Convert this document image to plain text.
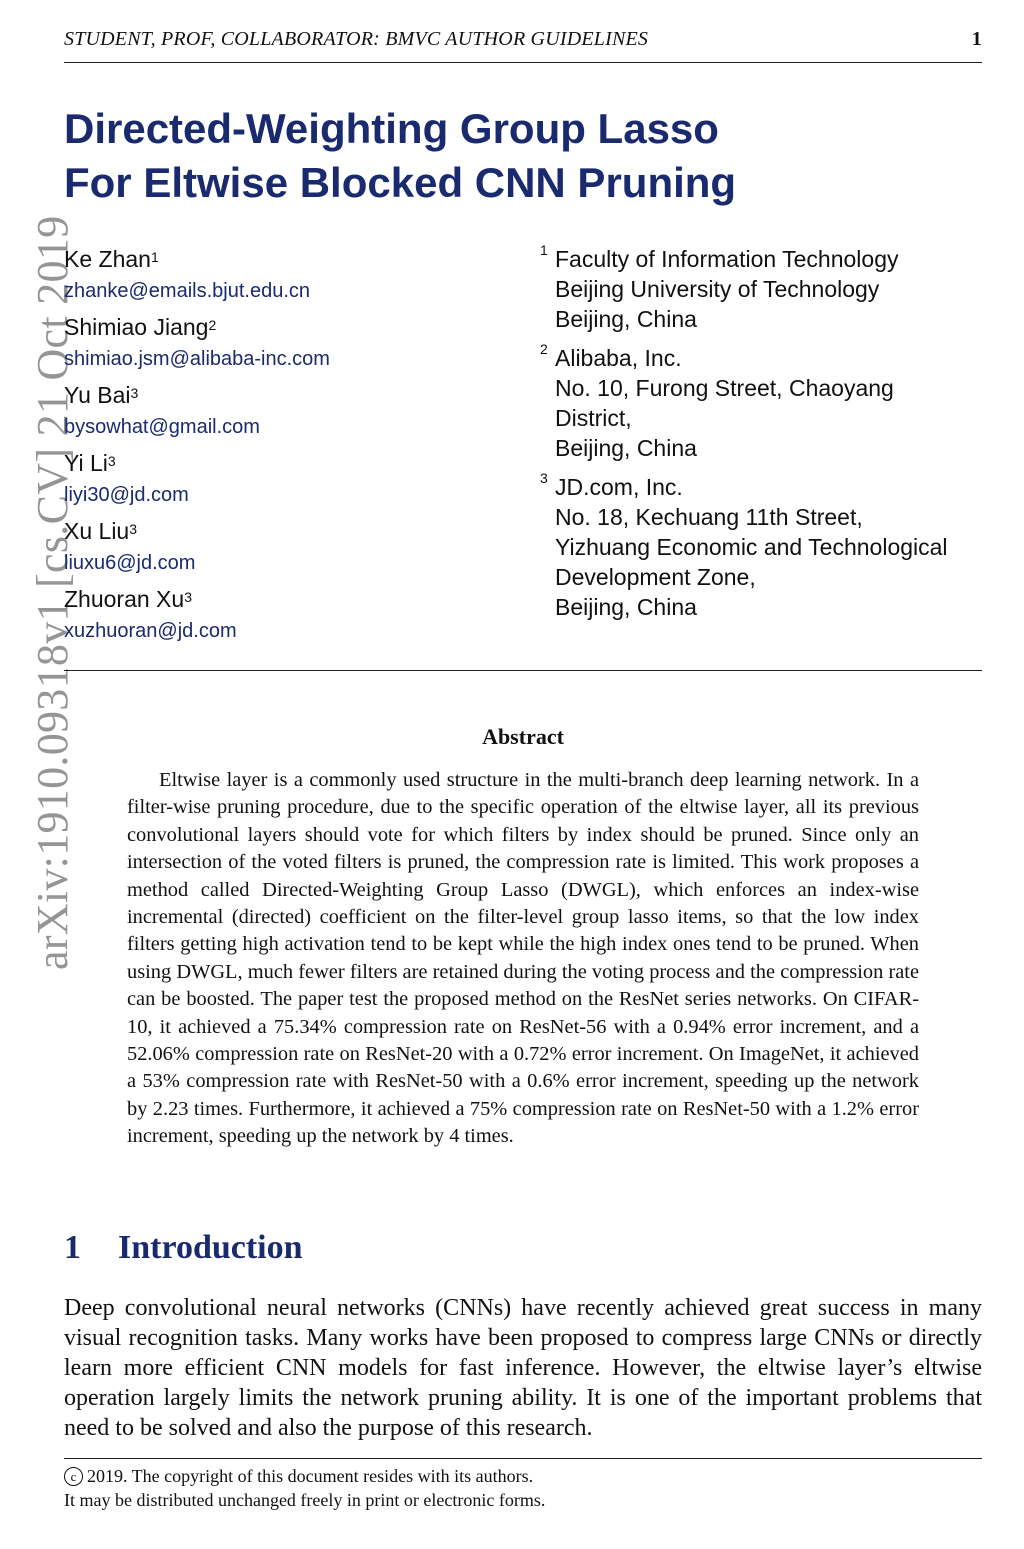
STUDENT, PROF, COLLABORATOR: BMVC AUTHOR GUIDELINES	1
arXiv:1910.09318v1 [cs.CV] 21 Oct 2019
Directed-Weighting Group Lasso
For Eltwise Blocked CNN Pruning
Ke Zhan$^1$
zhanke@emails.bjut.edu.cn
Shimiao Jiang$^2$
shimiao.jsm@alibaba-inc.com
Yu Bai$^3$
bysowhat@gmail.com
Yi Li$^3$
liyi30@jd.com
Xu Liu$^3$
liuxu6@jd.com
Zhuoran Xu$^3$
xuzhuoran@jd.com
1 Faculty of Information Technology
Beijing University of Technology
Beijing, China
2 Alibaba, Inc.
No. 10, Furong Street, Chaoyang
District,
Beijing, China
3 JD.com, Inc.
No. 18, Kechuang 11th Street,
Yizhuang Economic and Technological
Development Zone,
Beijing, China
Abstract
Eltwise layer is a commonly used structure in the multi-branch deep learning network. In a filter-wise pruning procedure, due to the specific operation of the eltwise layer, all its previous convolutional layers should vote for which filters by index should be pruned. Since only an intersection of the voted filters is pruned, the compression rate is limited. This work proposes a method called Directed-Weighting Group Lasso (DWGL), which enforces an index-wise incremental (directed) coefficient on the filter-level group lasso items, so that the low index filters getting high activation tend to be kept while the high index ones tend to be pruned. When using DWGL, much fewer filters are retained during the voting process and the compression rate can be boosted. The paper test the proposed method on the ResNet series networks. On CIFAR-10, it achieved a 75.34% compression rate on ResNet-56 with a 0.94% error increment, and a 52.06% compression rate on ResNet-20 with a 0.72% error increment. On ImageNet, it achieved a 53% compression rate with ResNet-50 with a 0.6% error increment, speeding up the network by 2.23 times. Furthermore, it achieved a 75% compression rate on ResNet-50 with a 1.2% error increment, speeding up the network by 4 times.
1 Introduction
Deep convolutional neural networks (CNNs) have recently achieved great success in many visual recognition tasks. Many works have been proposed to compress large CNNs or directly learn more efficient CNN models for fast inference. However, the eltwise layer’s eltwise operation largely limits the network pruning ability. It is one of the important problems that need to be solved and also the purpose of this research.
c 2019. The copyright of this document resides with its authors.
It may be distributed unchanged freely in print or electronic forms.
